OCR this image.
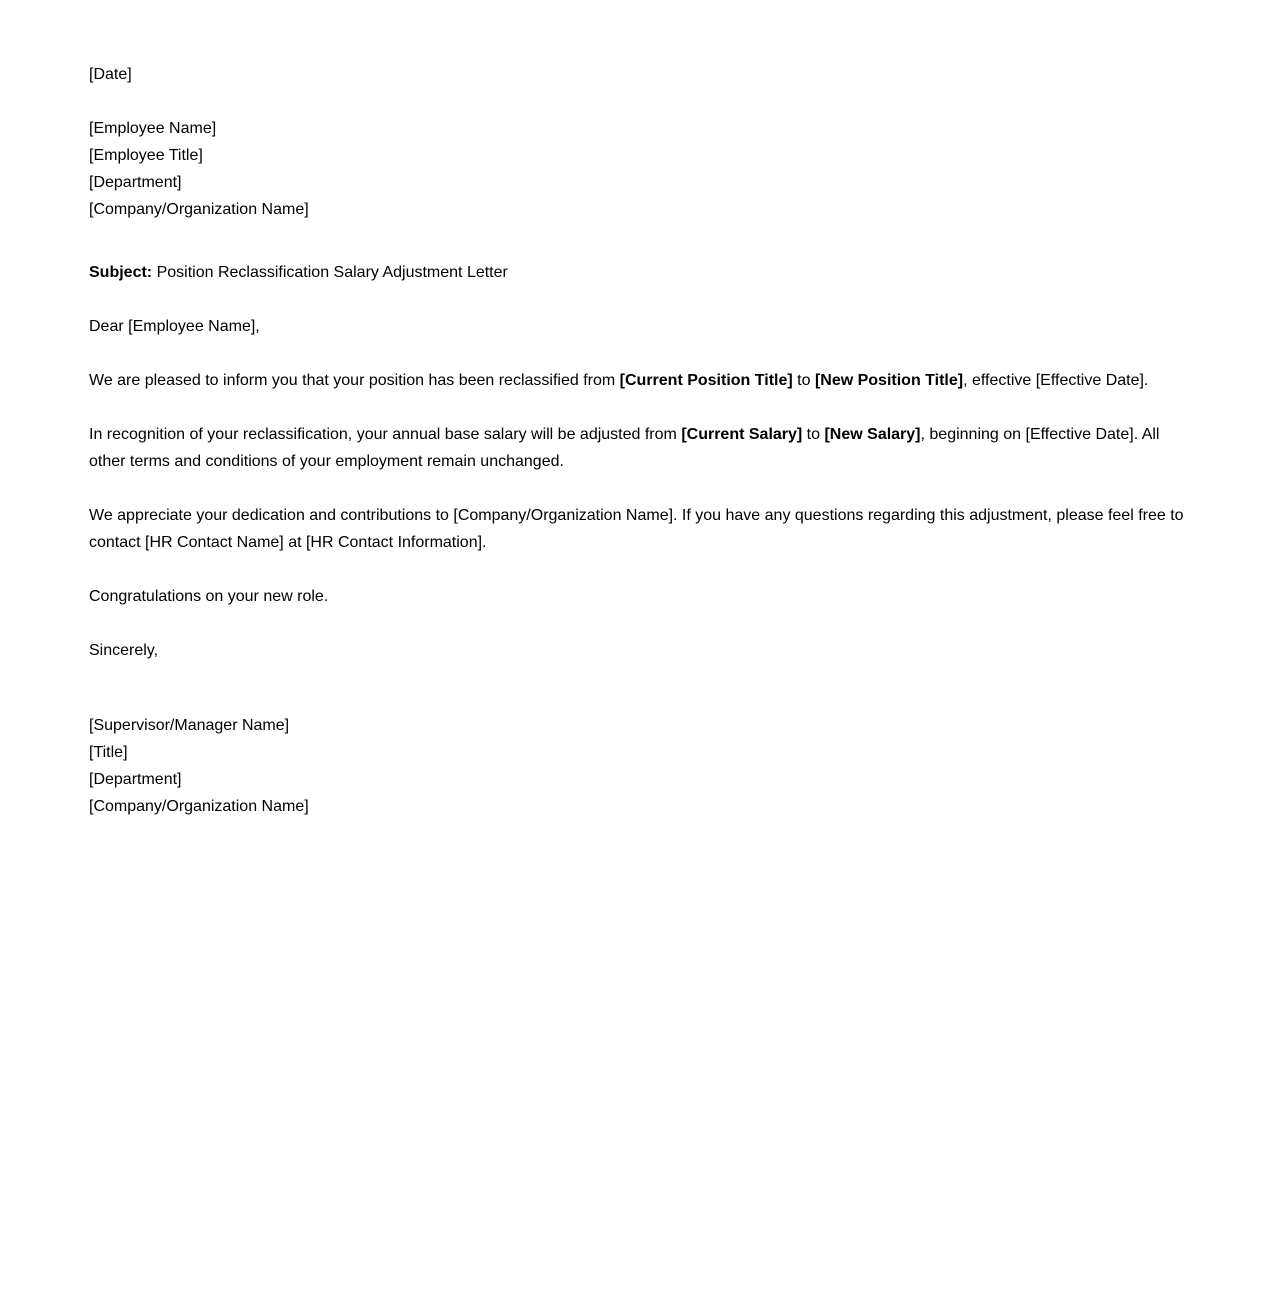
[Date]
[Employee Name]
[Employee Title]
[Department]
[Company/Organization Name]
Subject: Position Reclassification Salary Adjustment Letter
Dear [Employee Name],

We are pleased to inform you that your position has been reclassified from [Current Position Title] to [New Position Title], effective [Effective Date].

In recognition of your reclassification, your annual base salary will be adjusted from [Current Salary] to [New Salary], beginning on [Effective Date]. All other terms and conditions of your employment remain unchanged.

We appreciate your dedication and contributions to [Company/Organization Name]. If you have any questions regarding this adjustment, please feel free to contact [HR Contact Name] at [HR Contact Information].

Congratulations on your new role.
Sincerely,
[Supervisor/Manager Name]
[Title]
[Department]
[Company/Organization Name]
